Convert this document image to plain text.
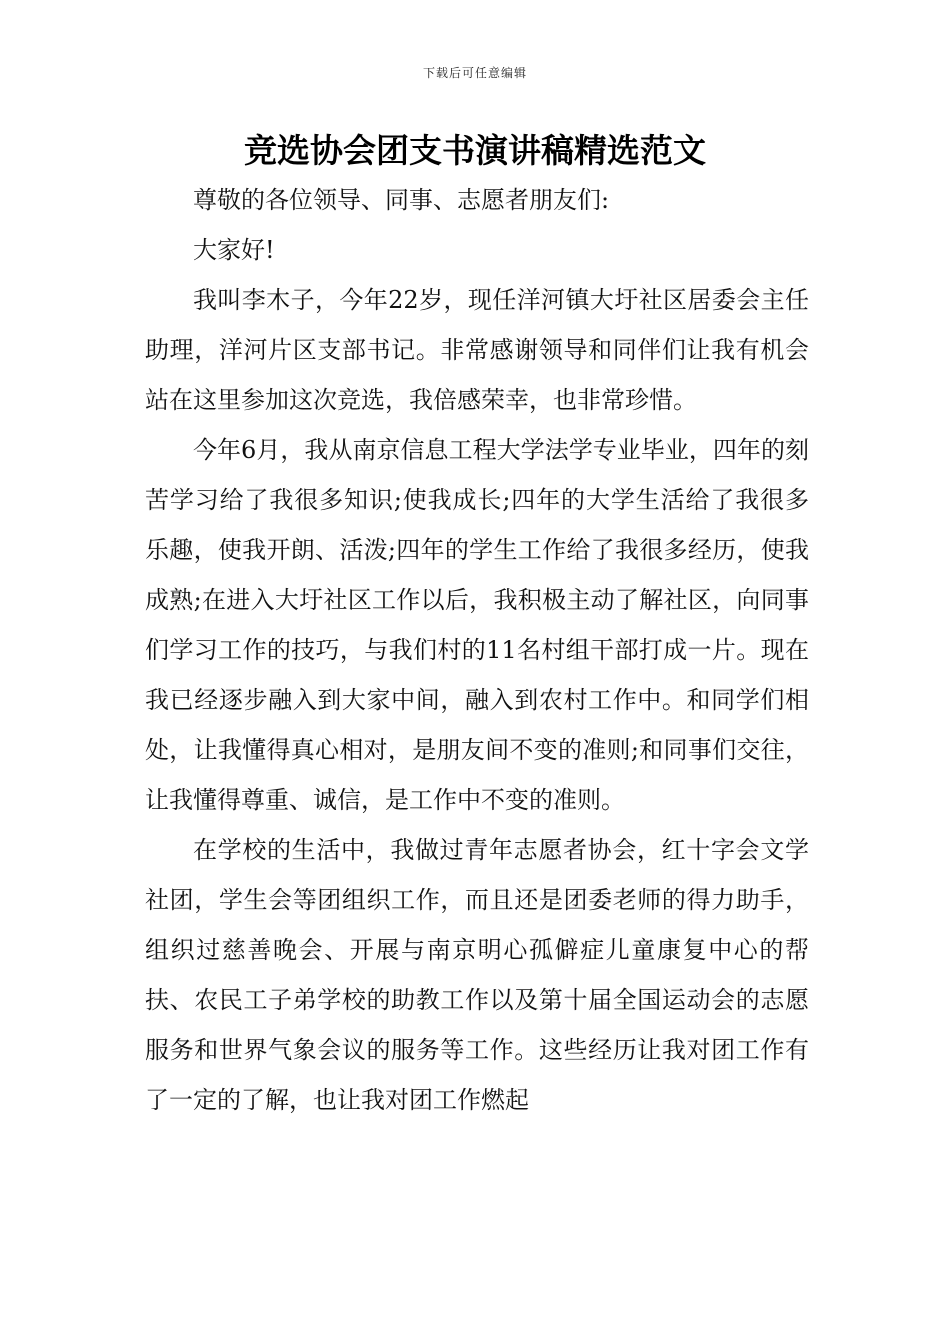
下载后可任意编辑
竞选协会团支书演讲稿精选范文

尊敬的各位领导、同事、志愿者朋友们:

大家好!

我叫李木子，今年22岁，现任洋河镇大圩社区居委会主任助理，洋河片区支部书记。非常感谢领导和同伴们让我有机会站在这里参加这次竞选，我倍感荣幸，也非常珍惜。

今年6月，我从南京信息工程大学法学专业毕业，四年的刻苦学习给了我很多知识;使我成长;四年的大学生活给了我很多乐趣，使我开朗、活泼;四年的学生工作给了我很多经历，使我成熟;在进入大圩社区工作以后，我积极主动了解社区，向同事们学习工作的技巧，与我们村的11名村组干部打成一片。现在我已经逐步融入到大家中间，融入到农村工作中。和同学们相处，让我懂得真心相对，是朋友间不变的准则;和同事们交往，让我懂得尊重、诚信，是工作中不变的准则。

在学校的生活中，我做过青年志愿者协会，红十字会文学社团，学生会等团组织工作，而且还是团委老师的得力助手，组织过慈善晚会、开展与南京明心孤僻症儿童康复中心的帮扶、农民工子弟学校的助教工作以及第十届全国运动会的志愿服务和世界气象会议的服务等工作。这些经历让我对团工作有了一定的了解，也让我对团工作燃起
